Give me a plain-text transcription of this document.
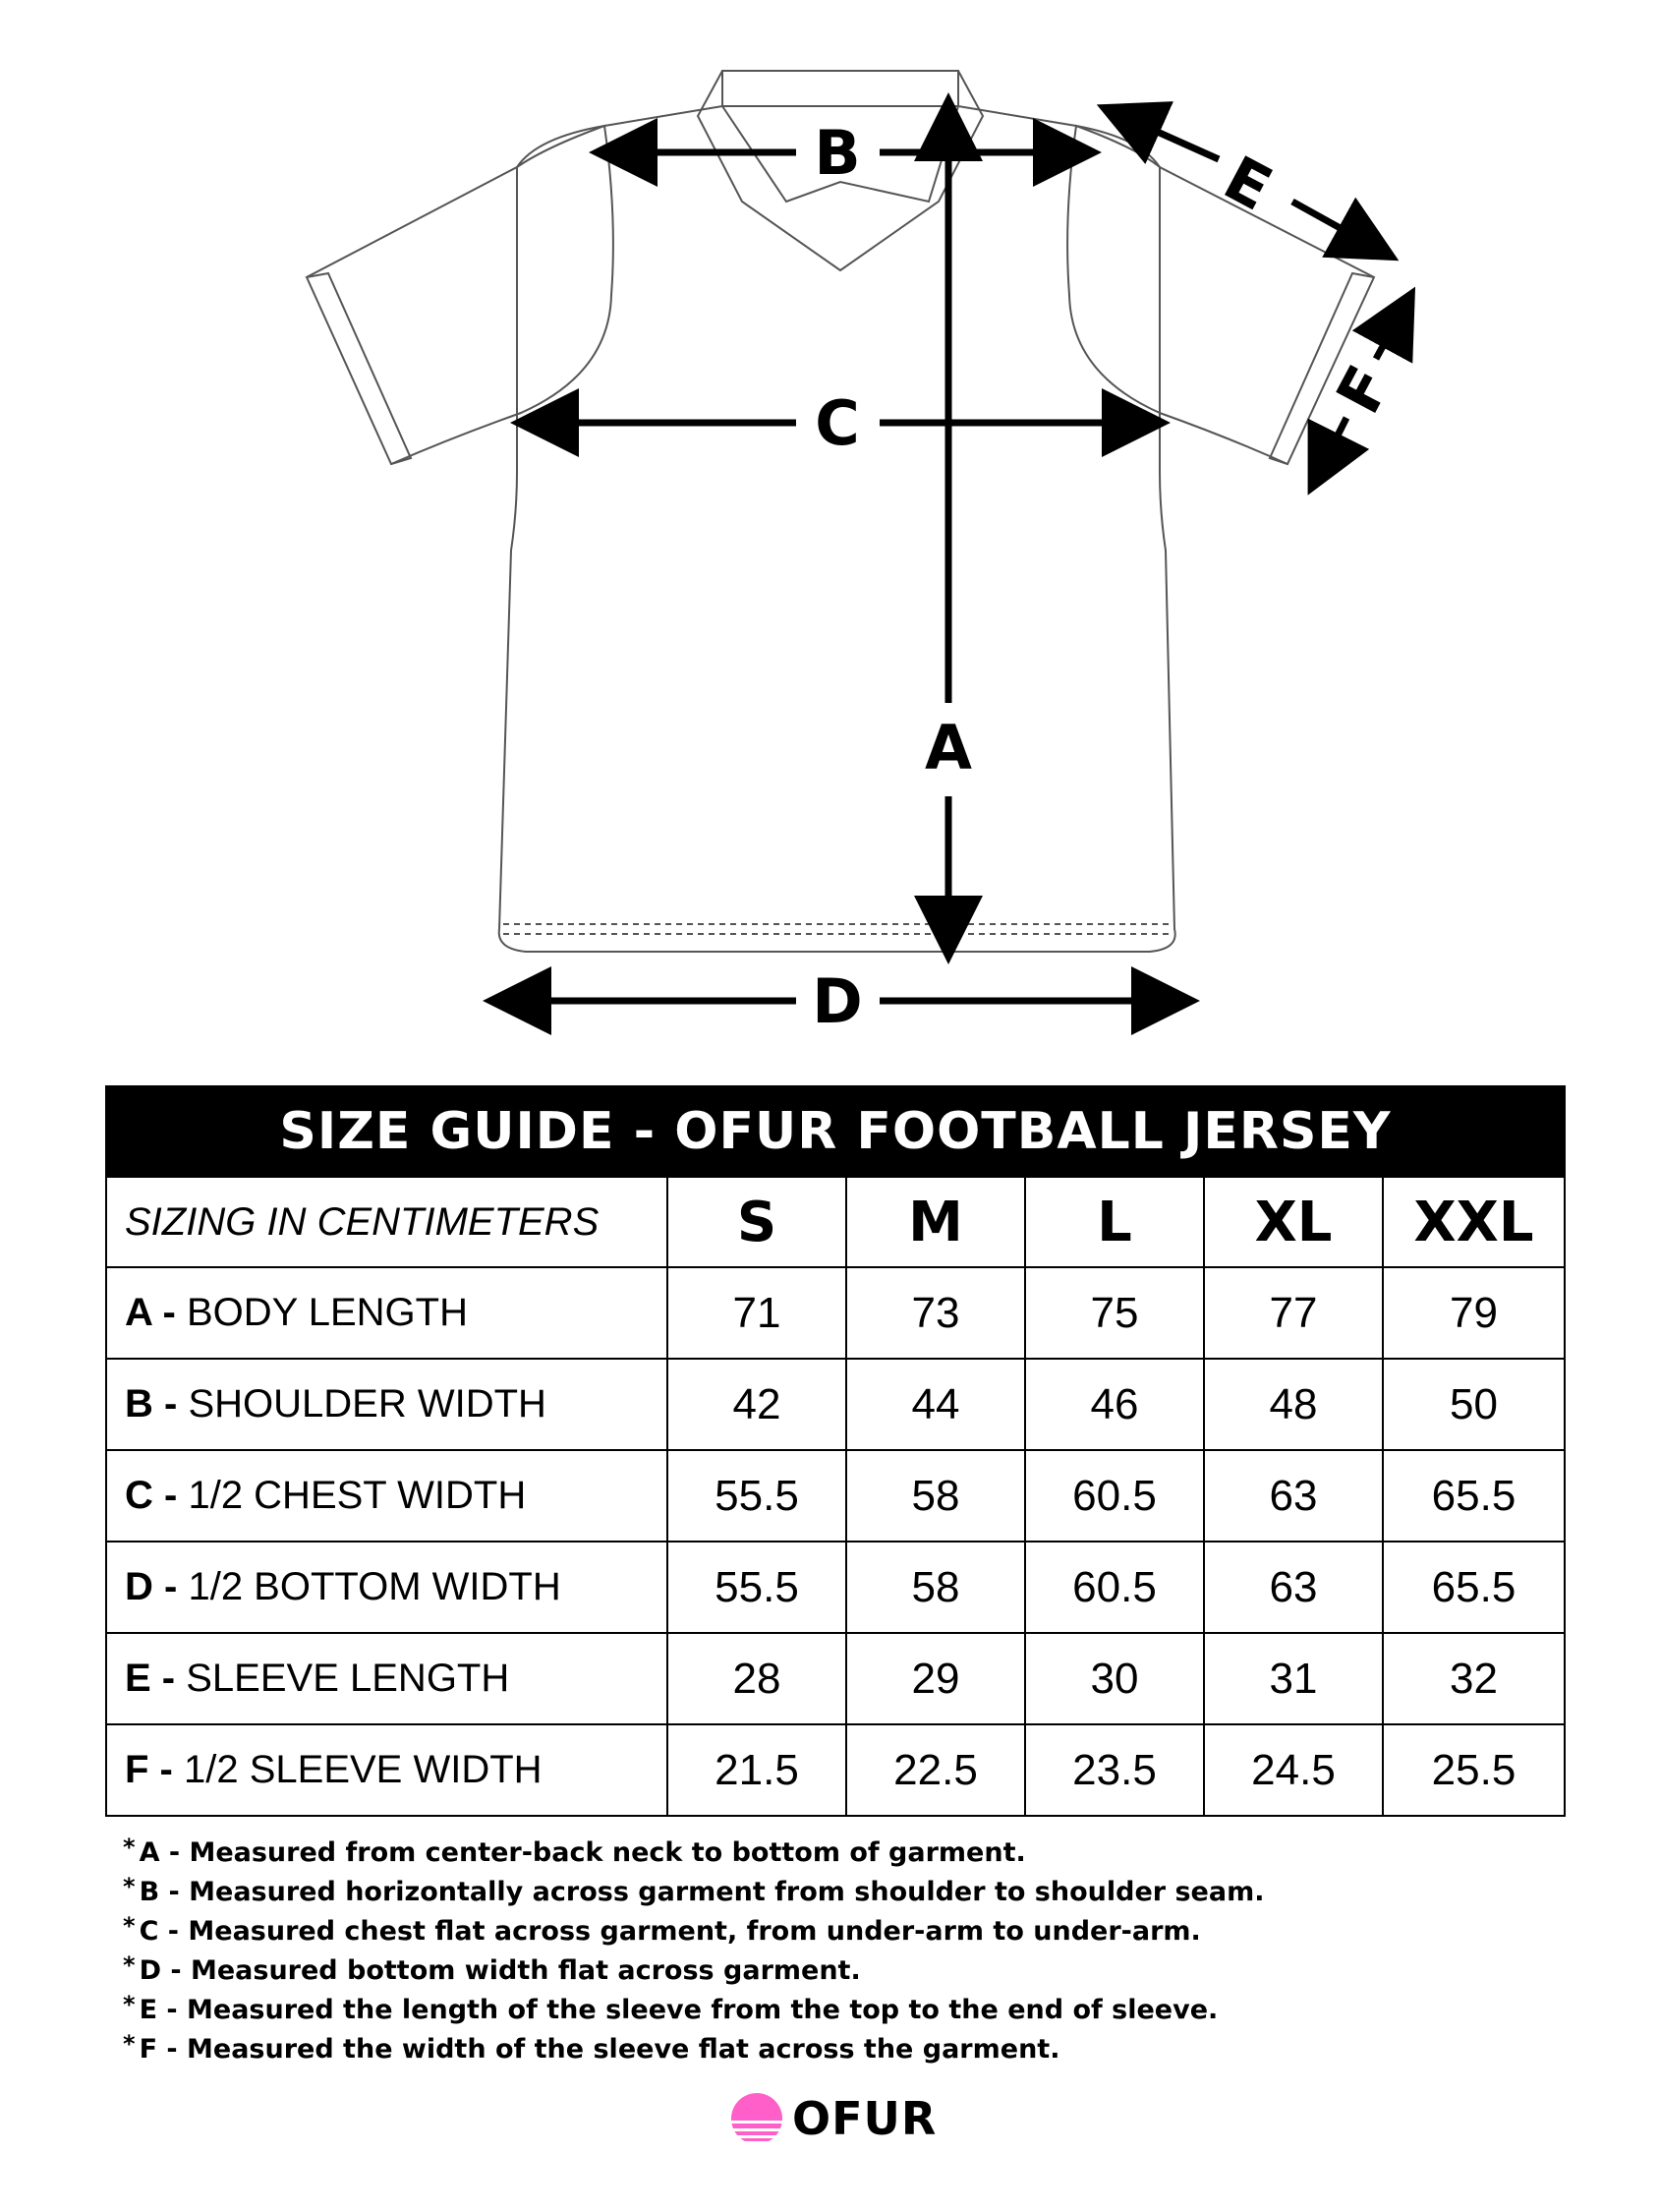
A
B
C
D
E
F
SIZE GUIDE - OFUR FOOTBALL JERSEY					
SIZING IN CENTIMETERS	S	M	L	XL	XXL
A - BODY LENGTH	71	73	75	77	79
B - SHOULDER WIDTH	42	44	46	48	50
C - 1/2 CHEST WIDTH	55.5	58	60.5	63	65.5
D - 1/2 BOTTOM WIDTH	55.5	58	60.5	63	65.5
E - SLEEVE LENGTH	28	29	30	31	32
F - 1/2 SLEEVE WIDTH	21.5	22.5	23.5	24.5	25.5
* A - Measured from center-back neck to bottom of garment.
* B - Measured horizontally across garment from shoulder to shoulder seam.
* C - Measured chest flat across garment, from under-arm to under-arm.
* D - Measured bottom width flat across garment.
* E - Measured the length of the sleeve from the top to the end of sleeve.
* F - Measured the width of the sleeve flat across the garment.
OFUR
